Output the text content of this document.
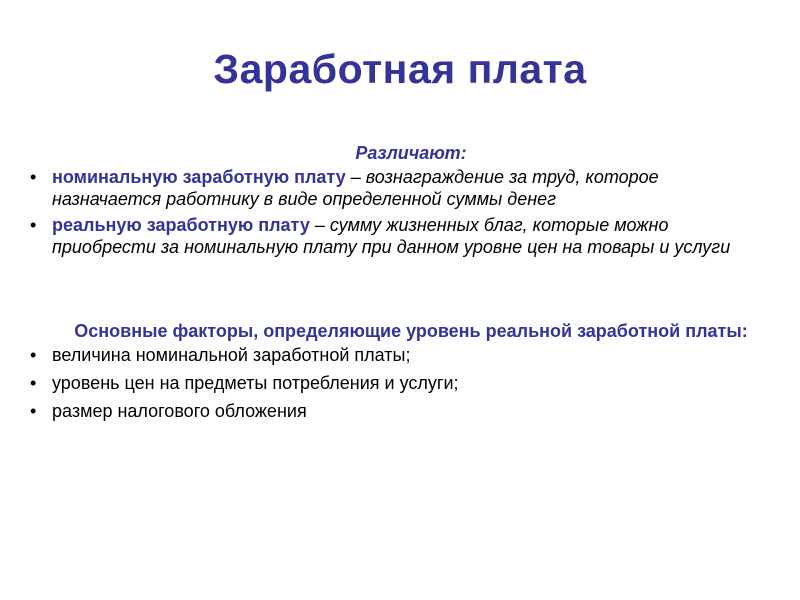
Заработная плата
Различают:
• номинальную заработную плату – вознаграждение за труд, которое назначается работнику в виде определенной суммы денег
• реальную заработную плату – сумму жизненных благ, которые можно приобрести за номинальную плату при данном уровне цен на товары и услуги
Основные факторы, определяющие уровень реальной заработной платы:
• величина номинальной заработной платы;
• уровень цен на предметы потребления и услуги;
• размер налогового обложения
